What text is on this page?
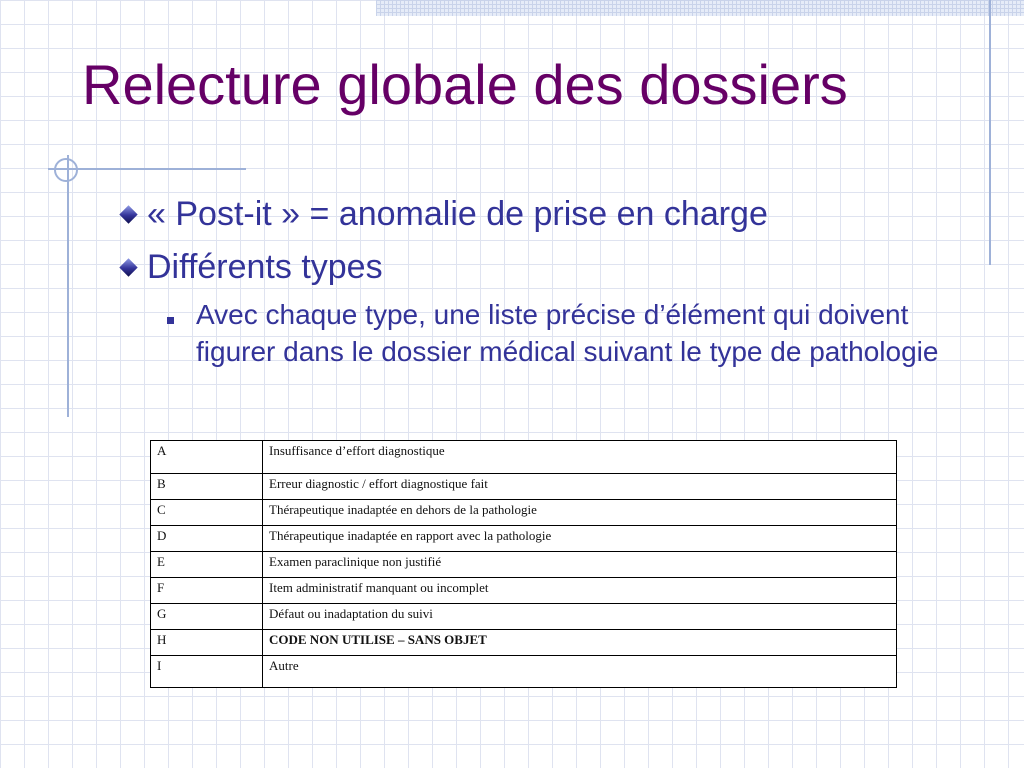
Relecture globale des dossiers
« Post-it » = anomalie de prise en charge
Différents types
Avec chaque type, une liste précise d’élément qui doivent figurer dans le dossier médical suivant le type de pathologie
A	Insuffisance d’effort diagnostique
B	Erreur diagnostic / effort diagnostique fait
C	Thérapeutique inadaptée en dehors de la pathologie
D	Thérapeutique inadaptée en rapport avec la pathologie
E	Examen paraclinique non justifié
F	Item administratif manquant ou incomplet
G	Défaut ou inadaptation du suivi
H	CODE NON UTILISE – SANS OBJET
I	Autre
